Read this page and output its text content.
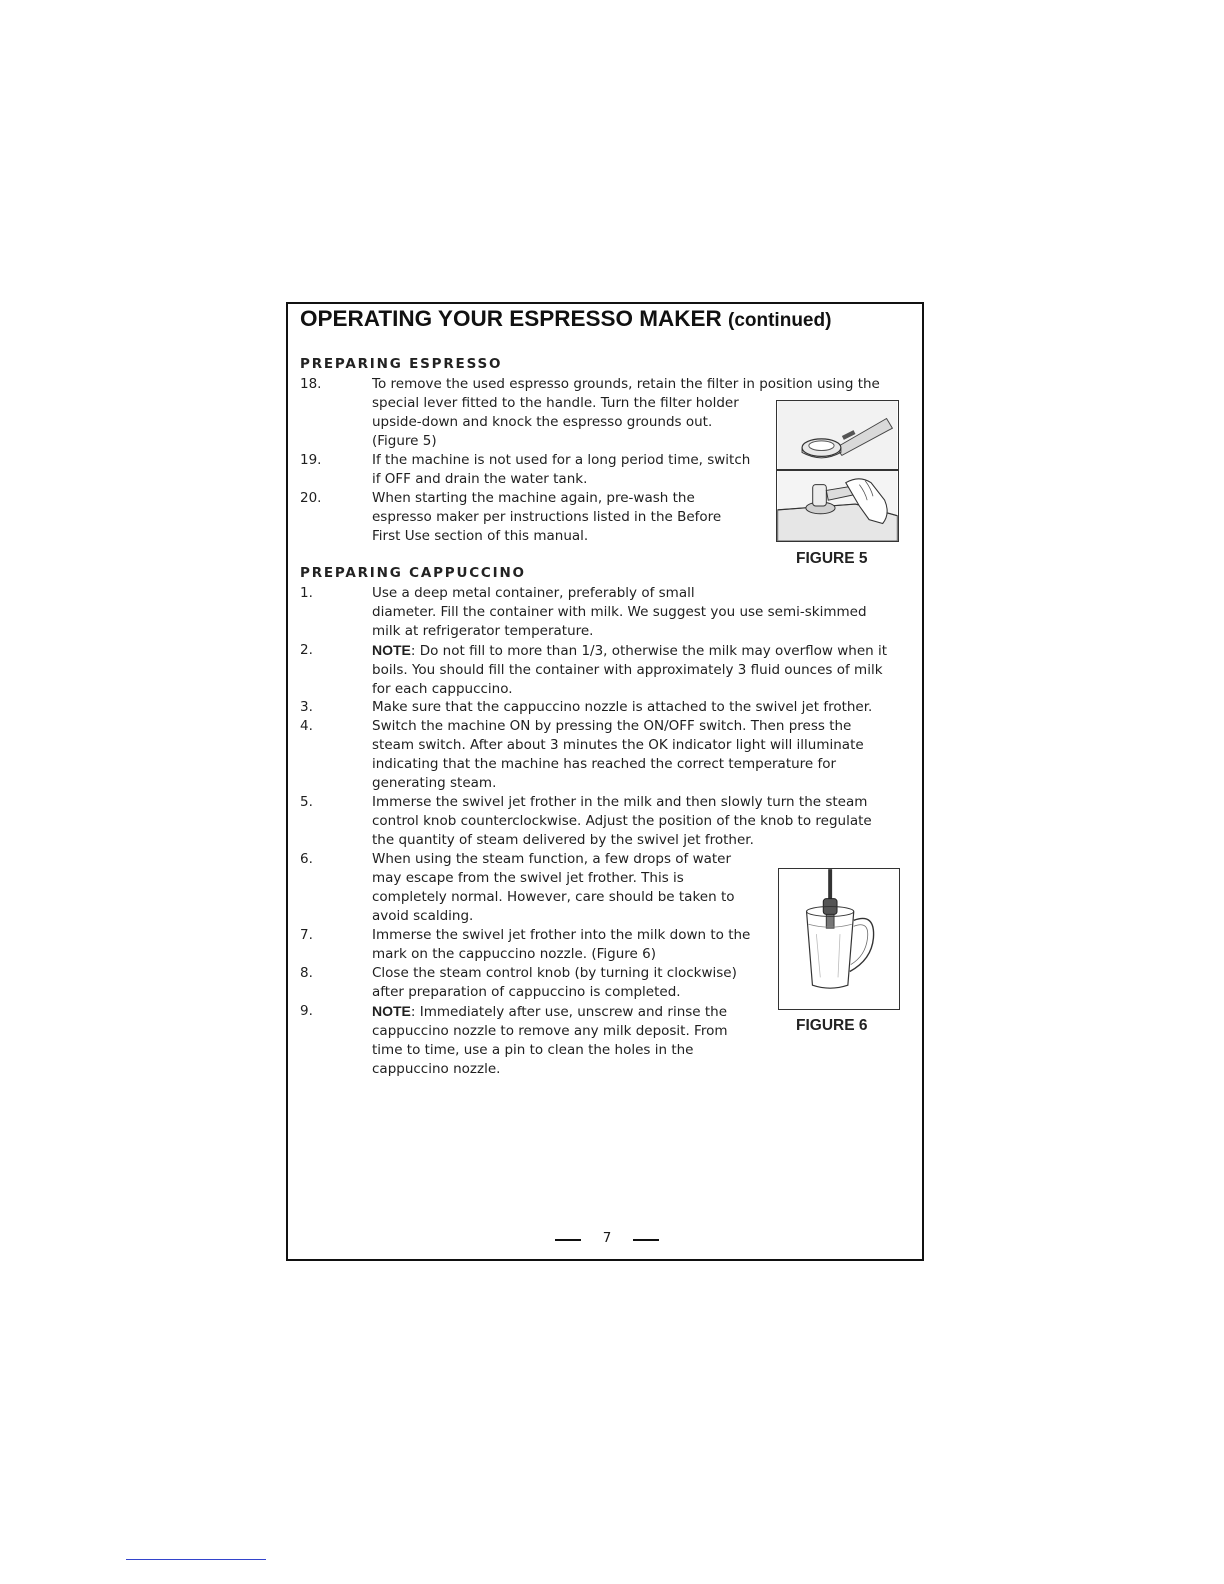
OPERATING YOUR ESPRESSO MAKER (continued)
PREPARING ESPRESSO
18.	To remove the used espresso grounds, retain the filter in position using the
special lever fitted to the handle. Turn the filter holder
upside-down and knock the espresso grounds out.
(Figure 5)
19.	If the machine is not used for a long period time, switch
if OFF and drain the water tank.
20.	When starting the machine again, pre-wash the
espresso maker per instructions listed in the Before
First Use section of this manual.
FIGURE 5
PREPARING CAPPUCCINO
1.	Use a deep metal container, preferably of small
diameter. Fill the container with milk. We suggest you use semi-skimmed
milk at refrigerator temperature.
2.	NOTE: Do not fill to more than 1/3, otherwise the milk may overflow when it
boils. You should fill the container with approximately 3 fluid ounces of milk
for each cappuccino.
3.	Make sure that the cappuccino nozzle is attached to the swivel jet frother.
4.	Switch the machine ON by pressing the ON/OFF switch. Then press the
steam switch. After about 3 minutes the OK indicator light will illuminate
indicating that the machine has reached the correct temperature for
generating steam.
5.	Immerse the swivel jet frother in the milk and then slowly turn the steam
control knob counterclockwise. Adjust the position of the knob to regulate
the quantity of steam delivered by the swivel jet frother.
6.	When using the steam function, a few drops of water
may escape from the swivel jet frother. This is
completely normal. However, care should be taken to
avoid scalding.
7.	Immerse the swivel jet frother into the milk down to the
mark on the cappuccino nozzle. (Figure 6)
8.	Close the steam control knob (by turning it clockwise)
after preparation of cappuccino is completed.
9.	NOTE: Immediately after use, unscrew and rinse the
cappuccino nozzle to remove any milk deposit. From
time to time, use a pin to clean the holes in the
cappuccino nozzle.
FIGURE 6
7
